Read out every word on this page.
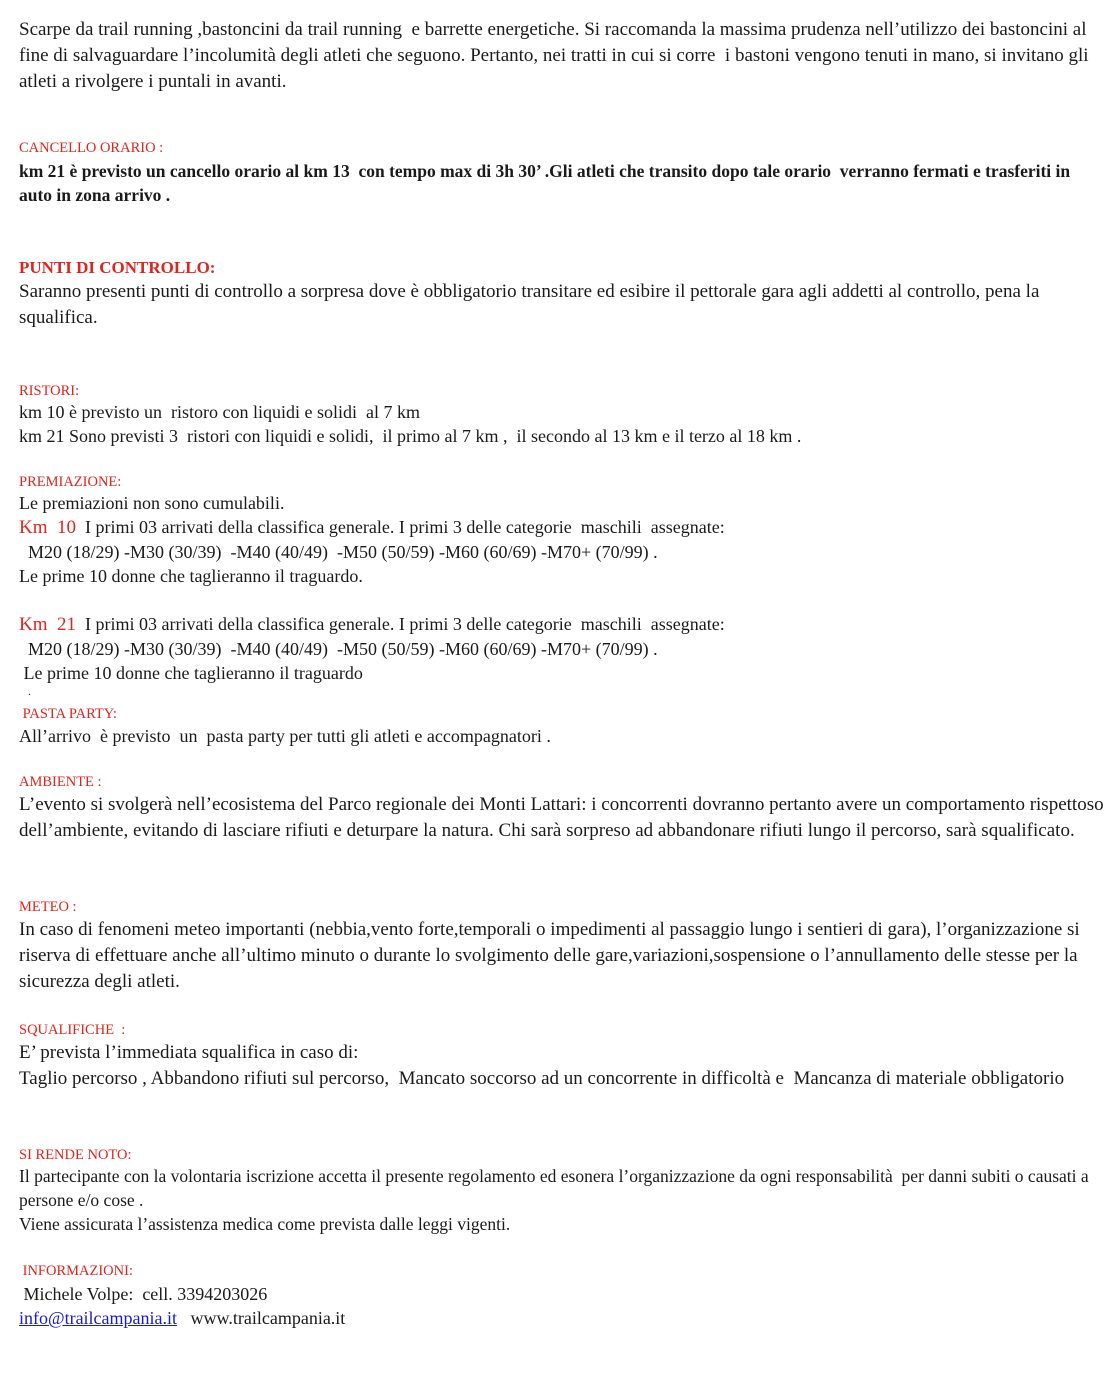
Scarpe da trail running ,bastoncini da trail running  e barrette energetiche. Si raccomanda la massima prudenza nell’utilizzo dei bastoncini al fine di salvaguardare l’incolumità degli atleti che seguono. Pertanto, nei tratti in cui si corre  i bastoni vengono tenuti in mano, si invitano gli atleti a rivolgere i puntali in avanti.

CANCELLO ORARIO :

km 21 è previsto un cancello orario al km 13  con tempo max di 3h 30’ .Gli atleti che transito dopo tale orario  verranno fermati e trasferiti in auto in zona arrivo .

PUNTI DI CONTROLLO:

Saranno presenti punti di controllo a sorpresa dove è obbligatorio transitare ed esibire il pettorale gara agli addetti al controllo, pena la squalifica.

RISTORI:

km 10 è previsto un  ristoro con liquidi e solidi  al 7 km

km 21 Sono previsti 3  ristori con liquidi e solidi,  il primo al 7 km ,  il secondo al 13 km e il terzo al 18 km .

PREMIAZIONE:

Le premiazioni non sono cumulabili.

Km  10  I primi 03 arrivati della classifica generale. I primi 3 delle categorie  maschili  assegnate:

M20 (18/29) -M30 (30/39)  -M40 (40/49)  -M50 (50/59) -M60 (60/69) -M70+ (70/99) .

Le prime 10 donne che taglieranno il traguardo.

Km  21  I primi 03 arrivati della classifica generale. I primi 3 delle categorie  maschili  assegnate:

M20 (18/29) -M30 (30/39)  -M40 (40/49)  -M50 (50/59) -M60 (60/69) -M70+ (70/99) .

Le prime 10 donne che taglieranno il traguardo

.

PASTA PARTY:

All’arrivo  è previsto  un  pasta party per tutti gli atleti e accompagnatori .

AMBIENTE :

L’evento si svolgerà nell’ecosistema del Parco regionale dei Monti Lattari: i concorrenti dovranno pertanto avere un comportamento rispettoso dell’ambiente, evitando di lasciare rifiuti e deturpare la natura. Chi sarà sorpreso ad abbandonare rifiuti lungo il percorso, sarà squalificato.

METEO :

In caso di fenomeni meteo importanti (nebbia,vento forte,temporali o impedimenti al passaggio lungo i sentieri di gara), l’organizzazione si riserva di effettuare anche all’ultimo minuto o durante lo svolgimento delle gare,variazioni,sospensione o l’annullamento delle stesse per la sicurezza degli atleti.

SQUALIFICHE  :

E’ prevista l’immediata squalifica in caso di:

Taglio percorso , Abbandono rifiuti sul percorso,  Mancato soccorso ad un concorrente in difficoltà e  Mancanza di materiale obbligatorio

SI RENDE NOTO:

Il partecipante con la volontaria iscrizione accetta il presente regolamento ed esonera l’organizzazione da ogni responsabilità  per danni subiti o causati a persone e/o cose .

Viene assicurata l’assistenza medica come prevista dalle leggi vigenti.

INFORMAZIONI:

Michele Volpe:  cell. 3394203026

info@trailcampania.it   www.trailcampania.it
